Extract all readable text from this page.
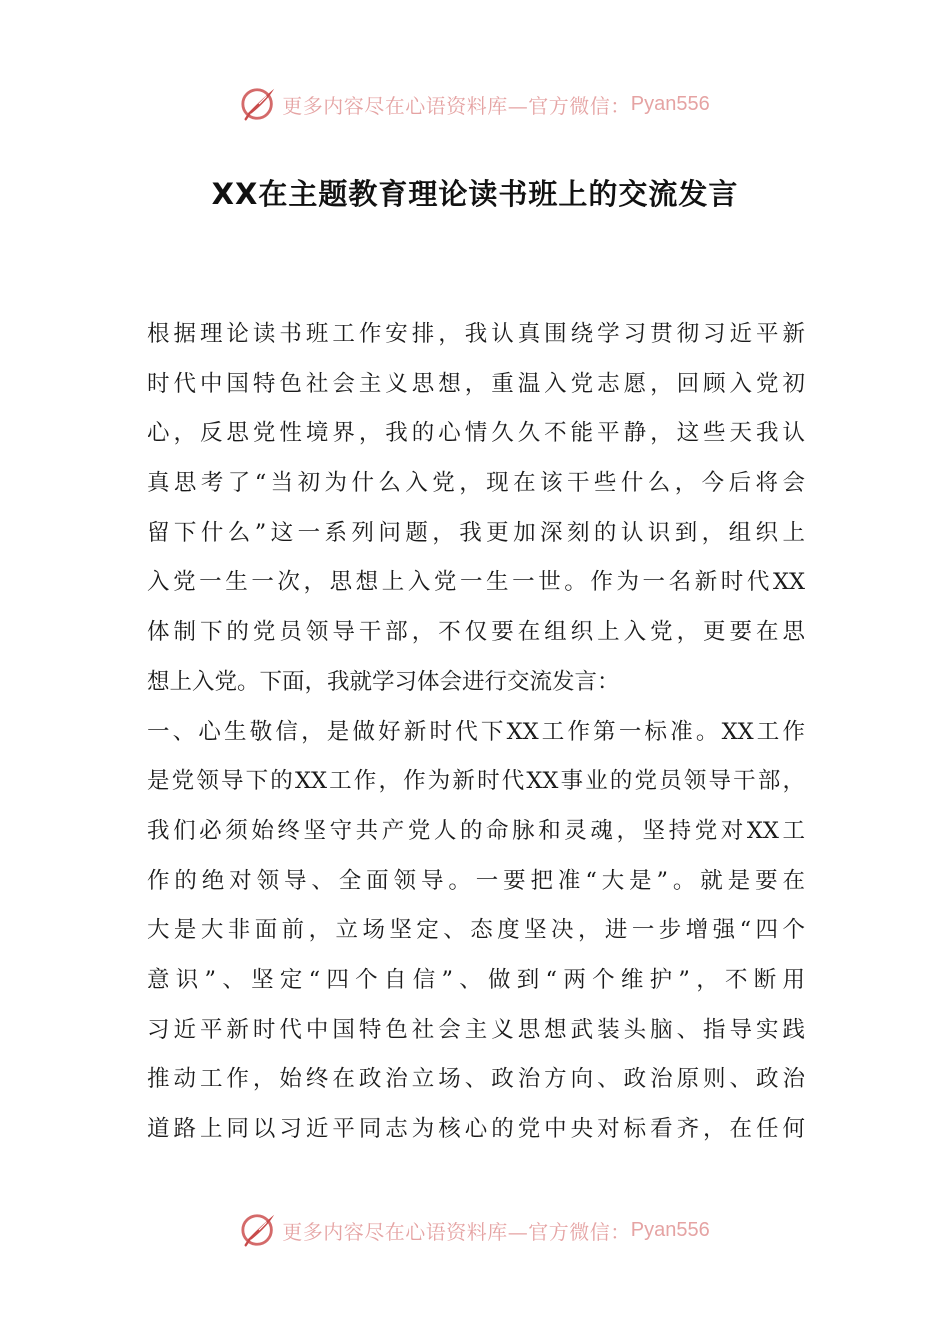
更多内容尽在心语资料库—官方微信： Pyan556
XX在主题教育理论读书班上的交流发言
根据理论读书班工作安排，我认真围绕学习贯彻习近平新
时代中国特色社会主义思想，重温入党志愿，回顾入党初
心，反思党性境界，我的心情久久不能平静，这些天我认
真思考了“当初为什么入党，现在该干些什么，今后将会
留下什么”这一系列问题，我更加深刻的认识到，组织上
入党一生一次，思想上入党一生一世。作为一名新时代XX
体制下的党员领导干部，不仅要在组织上入党，更要在思
想上入党。下面，我就学习体会进行交流发言：
一、心生敬信，是做好新时代下XX工作第一标准。XX工作
是党领导下的XX工作，作为新时代XX事业的党员领导干部，
我们必须始终坚守共产党人的命脉和灵魂，坚持党对XX工
作的绝对领导、全面领导。一要把准“大是”。就是要在
大是大非面前，立场坚定、态度坚决，进一步增强“四个
意识”、坚定“四个自信”、做到“两个维护”，不断用
习近平新时代中国特色社会主义思想武装头脑、指导实践
推动工作，始终在政治立场、政治方向、政治原则、政治
道路上同以习近平同志为核心的党中央对标看齐，在任何
更多内容尽在心语资料库—官方微信： Pyan556
